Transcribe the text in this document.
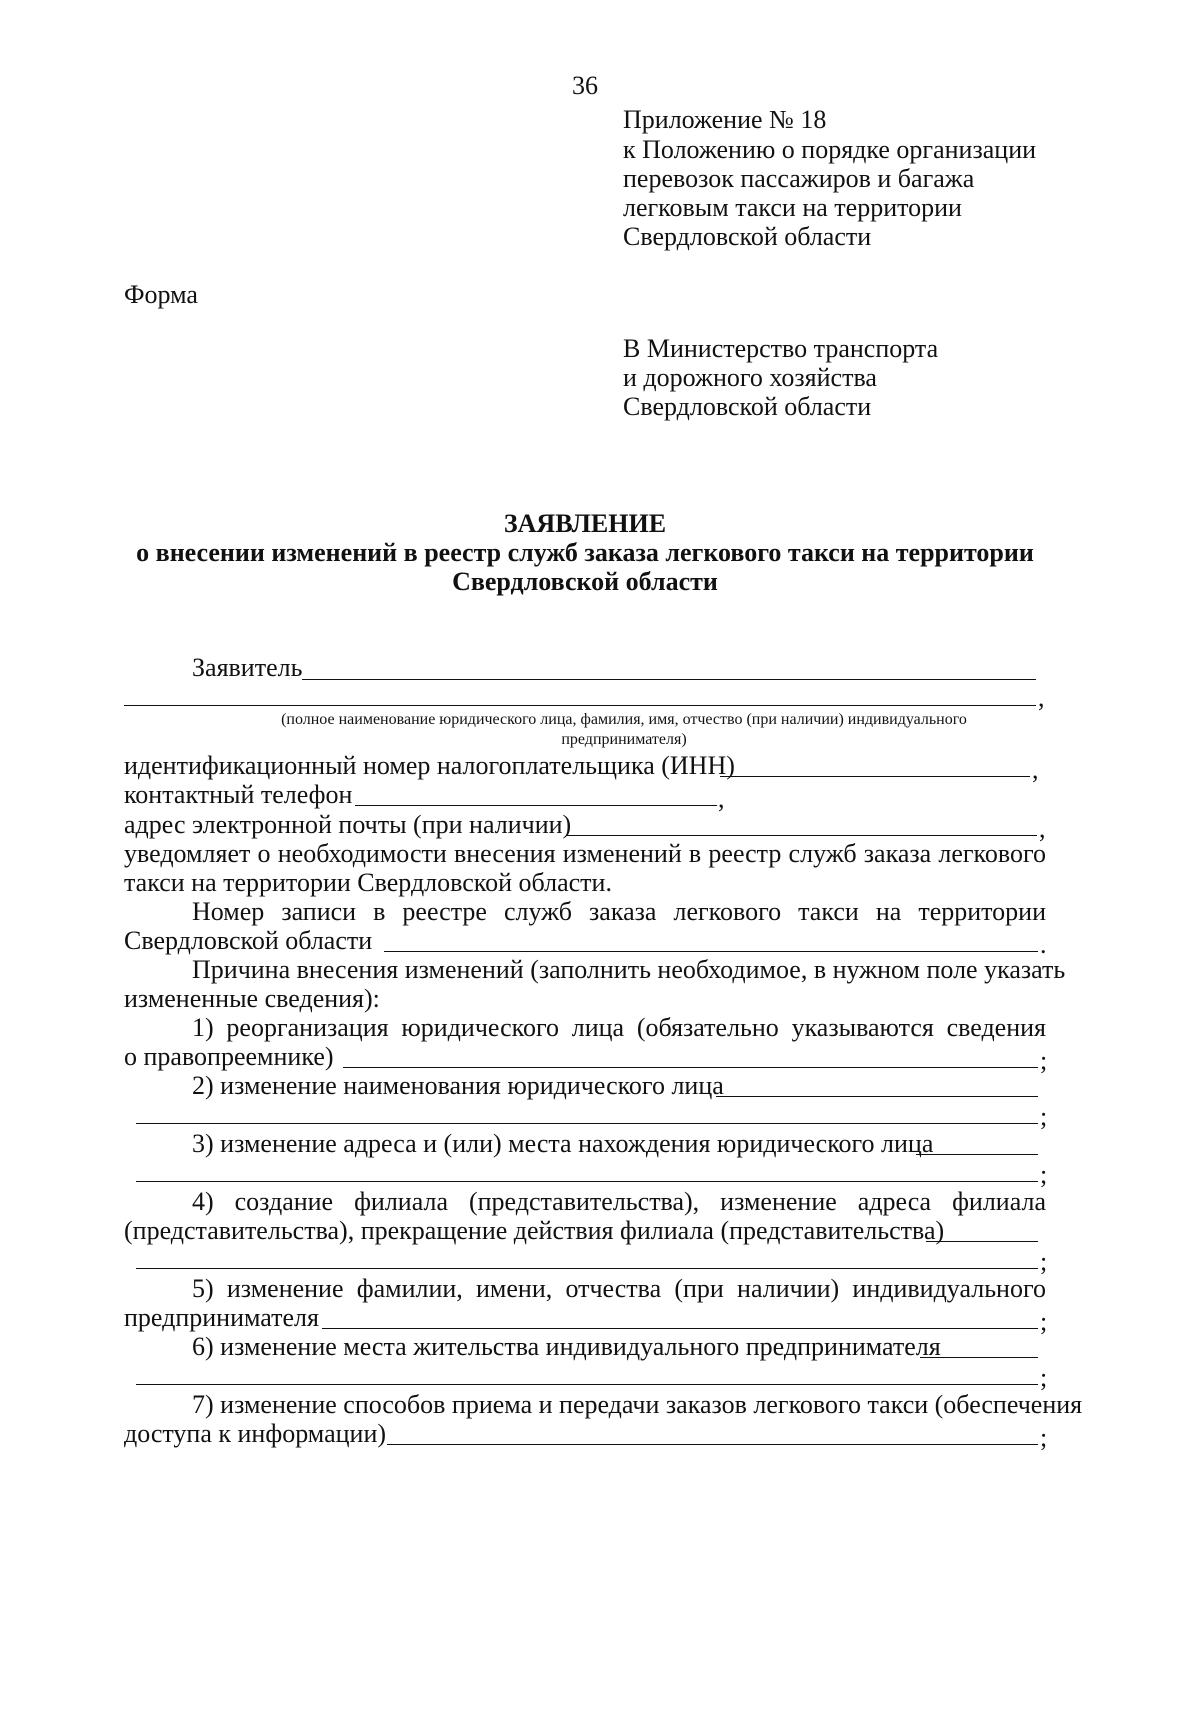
36
Приложение № 18
к Положению о порядке организации
перевозок пассажиров и багажа
легковым такси на территории
Свердловской области
Форма
В Министерство транспорта
и дорожного хозяйства
Свердловской области
ЗАЯВЛЕНИЕ
о внесении изменений в реестр служб заказа легкового такси на территории
Свердловской области
Заявитель
,
(полное наименование юридического лица, фамилия, имя, отчество (при наличии) индивидуального
предпринимателя)
идентификационный номер налогоплательщика (ИНН)	,
контактный телефон	,
адрес электронной почты (при наличии)	,
уведомляет о необходимости внесения изменений в реестр служб заказа легкового
такси на территории Свердловской области.
Номер записи в реестре служб заказа легкового такси на территории
Свердловской области	.
Причина внесения изменений (заполнить необходимое, в нужном поле указать
измененные сведения):
1) реорганизация юридического лица (обязательно указываются сведения
о правопреемнике)	;
2) изменение наименования юридического лица
;
3) изменение адреса и (или) места нахождения юридического лица
;
4) создание филиала (представительства), изменение адреса филиала
(представительства), прекращение действия филиала (представительства)
;
5) изменение фамилии, имени, отчества (при наличии) индивидуального
предпринимателя	;
6) изменение места жительства индивидуального предпринимателя
;
7) изменение способов приема и передачи заказов легкового такси (обеспечения
доступа к информации)	;
